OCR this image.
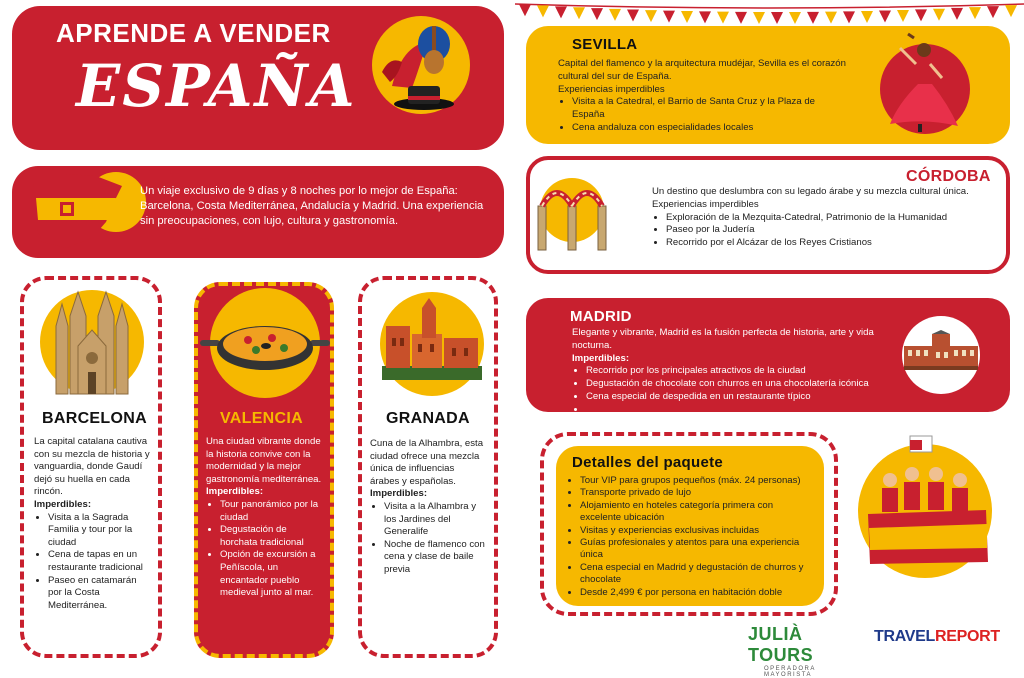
APRENDE A VENDER
ESPAÑA
Un viaje exclusivo de 9 días y 8 noches por lo mejor de España: Barcelona, Costa Mediterránea, Andalucía y Madrid. Una experiencia sin preocupaciones, con lujo, cultura y gastronomía.
BARCELONA
La capital catalana cautiva con su mezcla de historia y vanguardia, donde Gaudí dejó su huella en cada rincón.
Imperdibles:
• Visita a la Sagrada Familia y tour por la ciudad
• Cena de tapas en un restaurante tradicional
• Paseo en catamarán por la Costa Mediterránea.
VALENCIA
Una ciudad vibrante donde la historia convive con la modernidad y la mejor gastronomía mediterránea.
Imperdibles:
• Tour panorámico por la ciudad
• Degustación de horchata tradicional
• Opción de excursión a Peñíscola, un encantador pueblo medieval junto al mar.
GRANADA
Cuna de la Alhambra, esta ciudad ofrece una mezcla única de influencias árabes y españolas.
Imperdibles:
• Visita a la Alhambra y los Jardines del Generalife
• Noche de flamenco con cena y clase de baile previa
SEVILLA
Capital del flamenco y la arquitectura mudéjar, Sevilla es el corazón cultural del sur de España.
Experiencias imperdibles
• Visita a la Catedral, el Barrio de Santa Cruz y la Plaza de España
• Cena andaluza con especialidades locales
CÓRDOBA
Un destino que deslumbra con su legado árabe y su mezcla cultural única.
Experiencias imperdibles
• Exploración de la Mezquita-Catedral, Patrimonio de la Humanidad
• Paseo por la Judería
• Recorrido por el Alcázar de los Reyes Cristianos
MADRID
Elegante y vibrante, Madrid es la fusión perfecta de historia, arte y vida nocturna.
Imperdibles:
• Recorrido por los principales atractivos de la ciudad
• Degustación de chocolate con churros en una chocolatería icónica
• Cena especial de despedida en un restaurante típico
•
Detalles del paquete
• Tour VIP para grupos pequeños (máx. 24 personas)
• Transporte privado de lujo
• Alojamiento en hoteles categoría primera con excelente ubicación
• Visitas y experiencias exclusivas incluidas
• Guías profesionales y atentos para una experiencia única
• Cena especial en Madrid y degustación de churros y chocolate
• Desde 2,499 € por persona en habitación doble
JULIÀ TOURS
OPERADORA MAYORISTA
TRAVELREPORT
